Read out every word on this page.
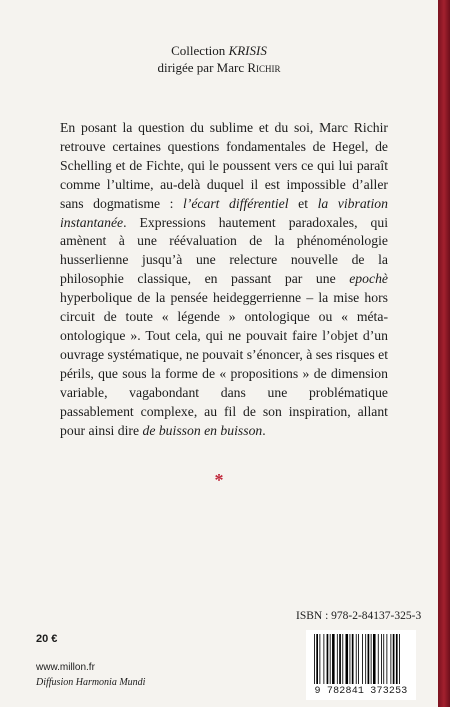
Collection KRISIS
dirigée par Marc Richir

En posant la question du sublime et du soi, Marc Richir retrouve certaines questions fondamentales de Hegel, de Schelling et de Fichte, qui le poussent vers ce qui lui paraît comme l’ultime, au-delà duquel il est impossible d’aller sans dogmatisme : l’écart différentiel et la vibration instantanée. Expressions hautement paradoxales, qui amènent à une réévaluation de la phénoménologie husserlienne jusqu’à une relecture nouvelle de la philosophie classique, en passant par une epochè hyperbolique de la pensée heideggerrienne – la mise hors circuit de toute « légende » ontologique ou « méta-ontologique ». Tout cela, qui ne pouvait faire l’objet d’un ouvrage systématique, ne pouvait s’énoncer, à ses risques et périls, que sous la forme de « propositions » de dimension variable, vagabondant dans une problématique passablement complexe, au fil de son inspiration, allant pour ainsi dire de buisson en buisson.

*
ISBN : 978-2-84137-325-3
20 €
www.millon.fr
Diffusion Harmonia Mundi
9 782841 373253
